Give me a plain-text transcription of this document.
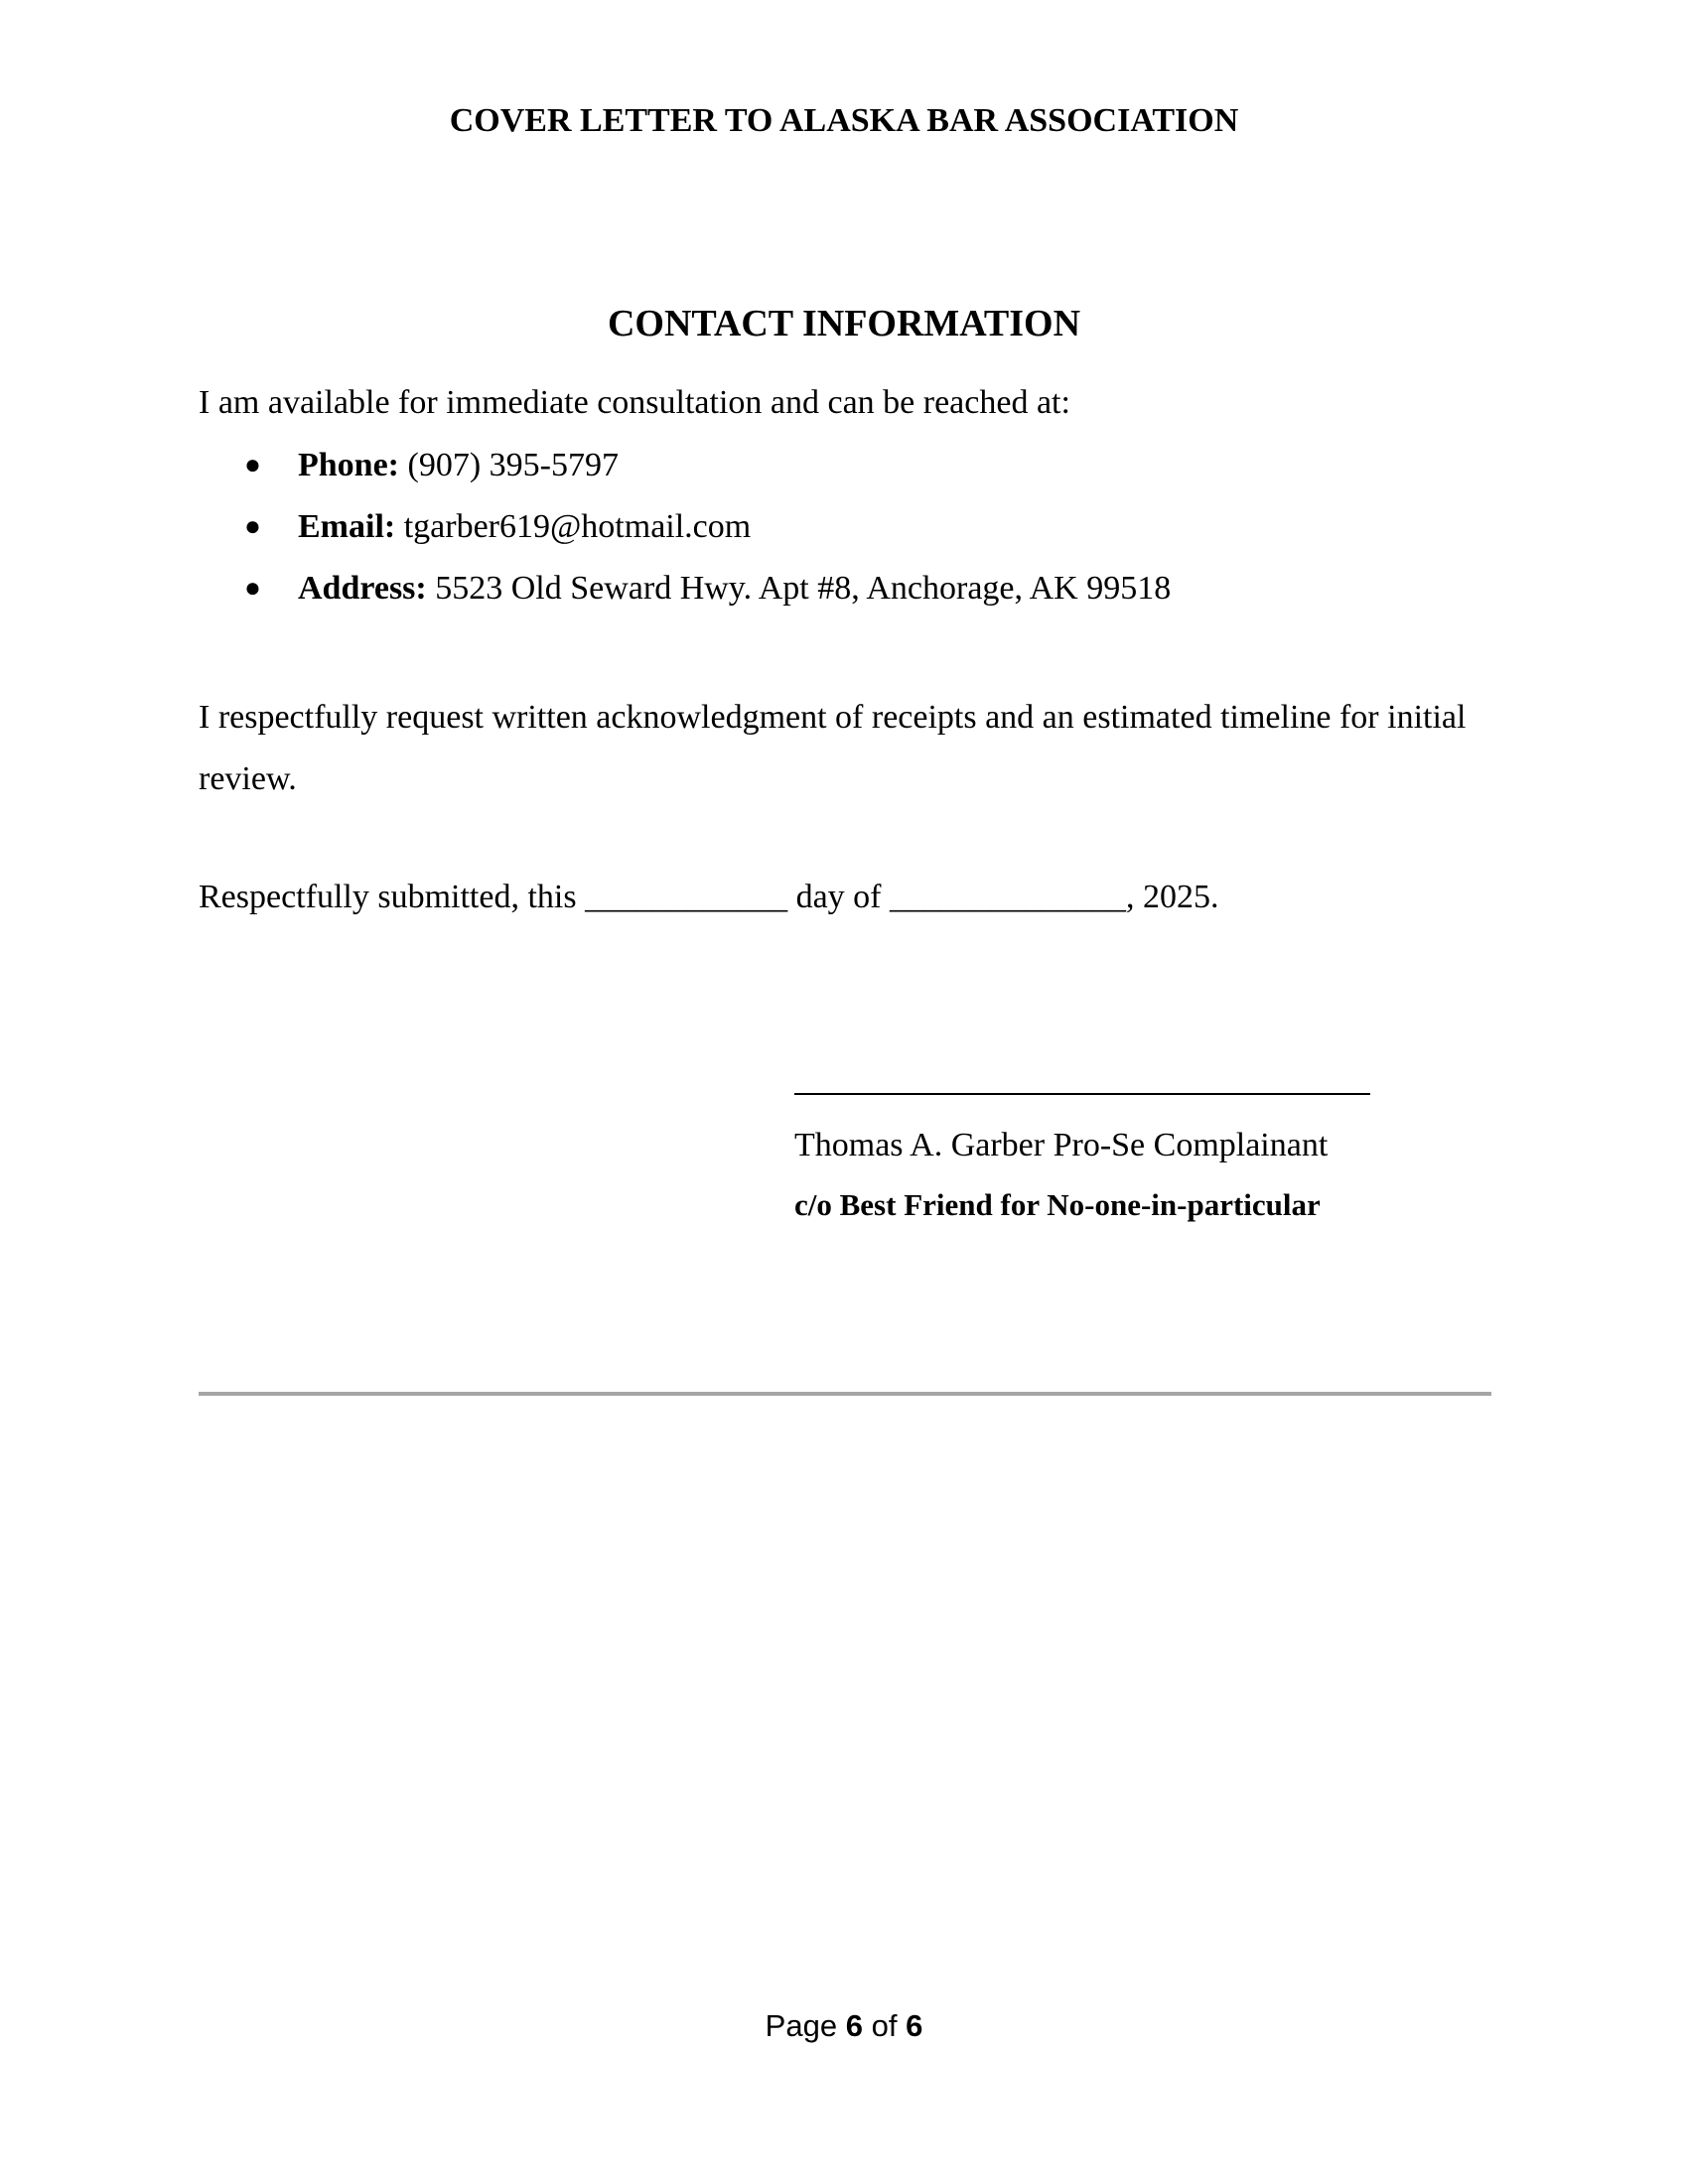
COVER LETTER TO ALASKA BAR ASSOCIATION
CONTACT INFORMATION
I am available for immediate consultation and can be reached at:
● Phone: (907) 395-5797
● Email: tgarber619@hotmail.com
● Address: 5523 Old Seward Hwy. Apt #8, Anchorage, AK 99518
I respectfully request written acknowledgment of receipts and an estimated timeline for initial review.
Respectfully submitted, this ____________ day of ______________, 2025.
Thomas A. Garber Pro-Se Complainant
c/o Best Friend for No-one-in-particular
Page 6 of 6
